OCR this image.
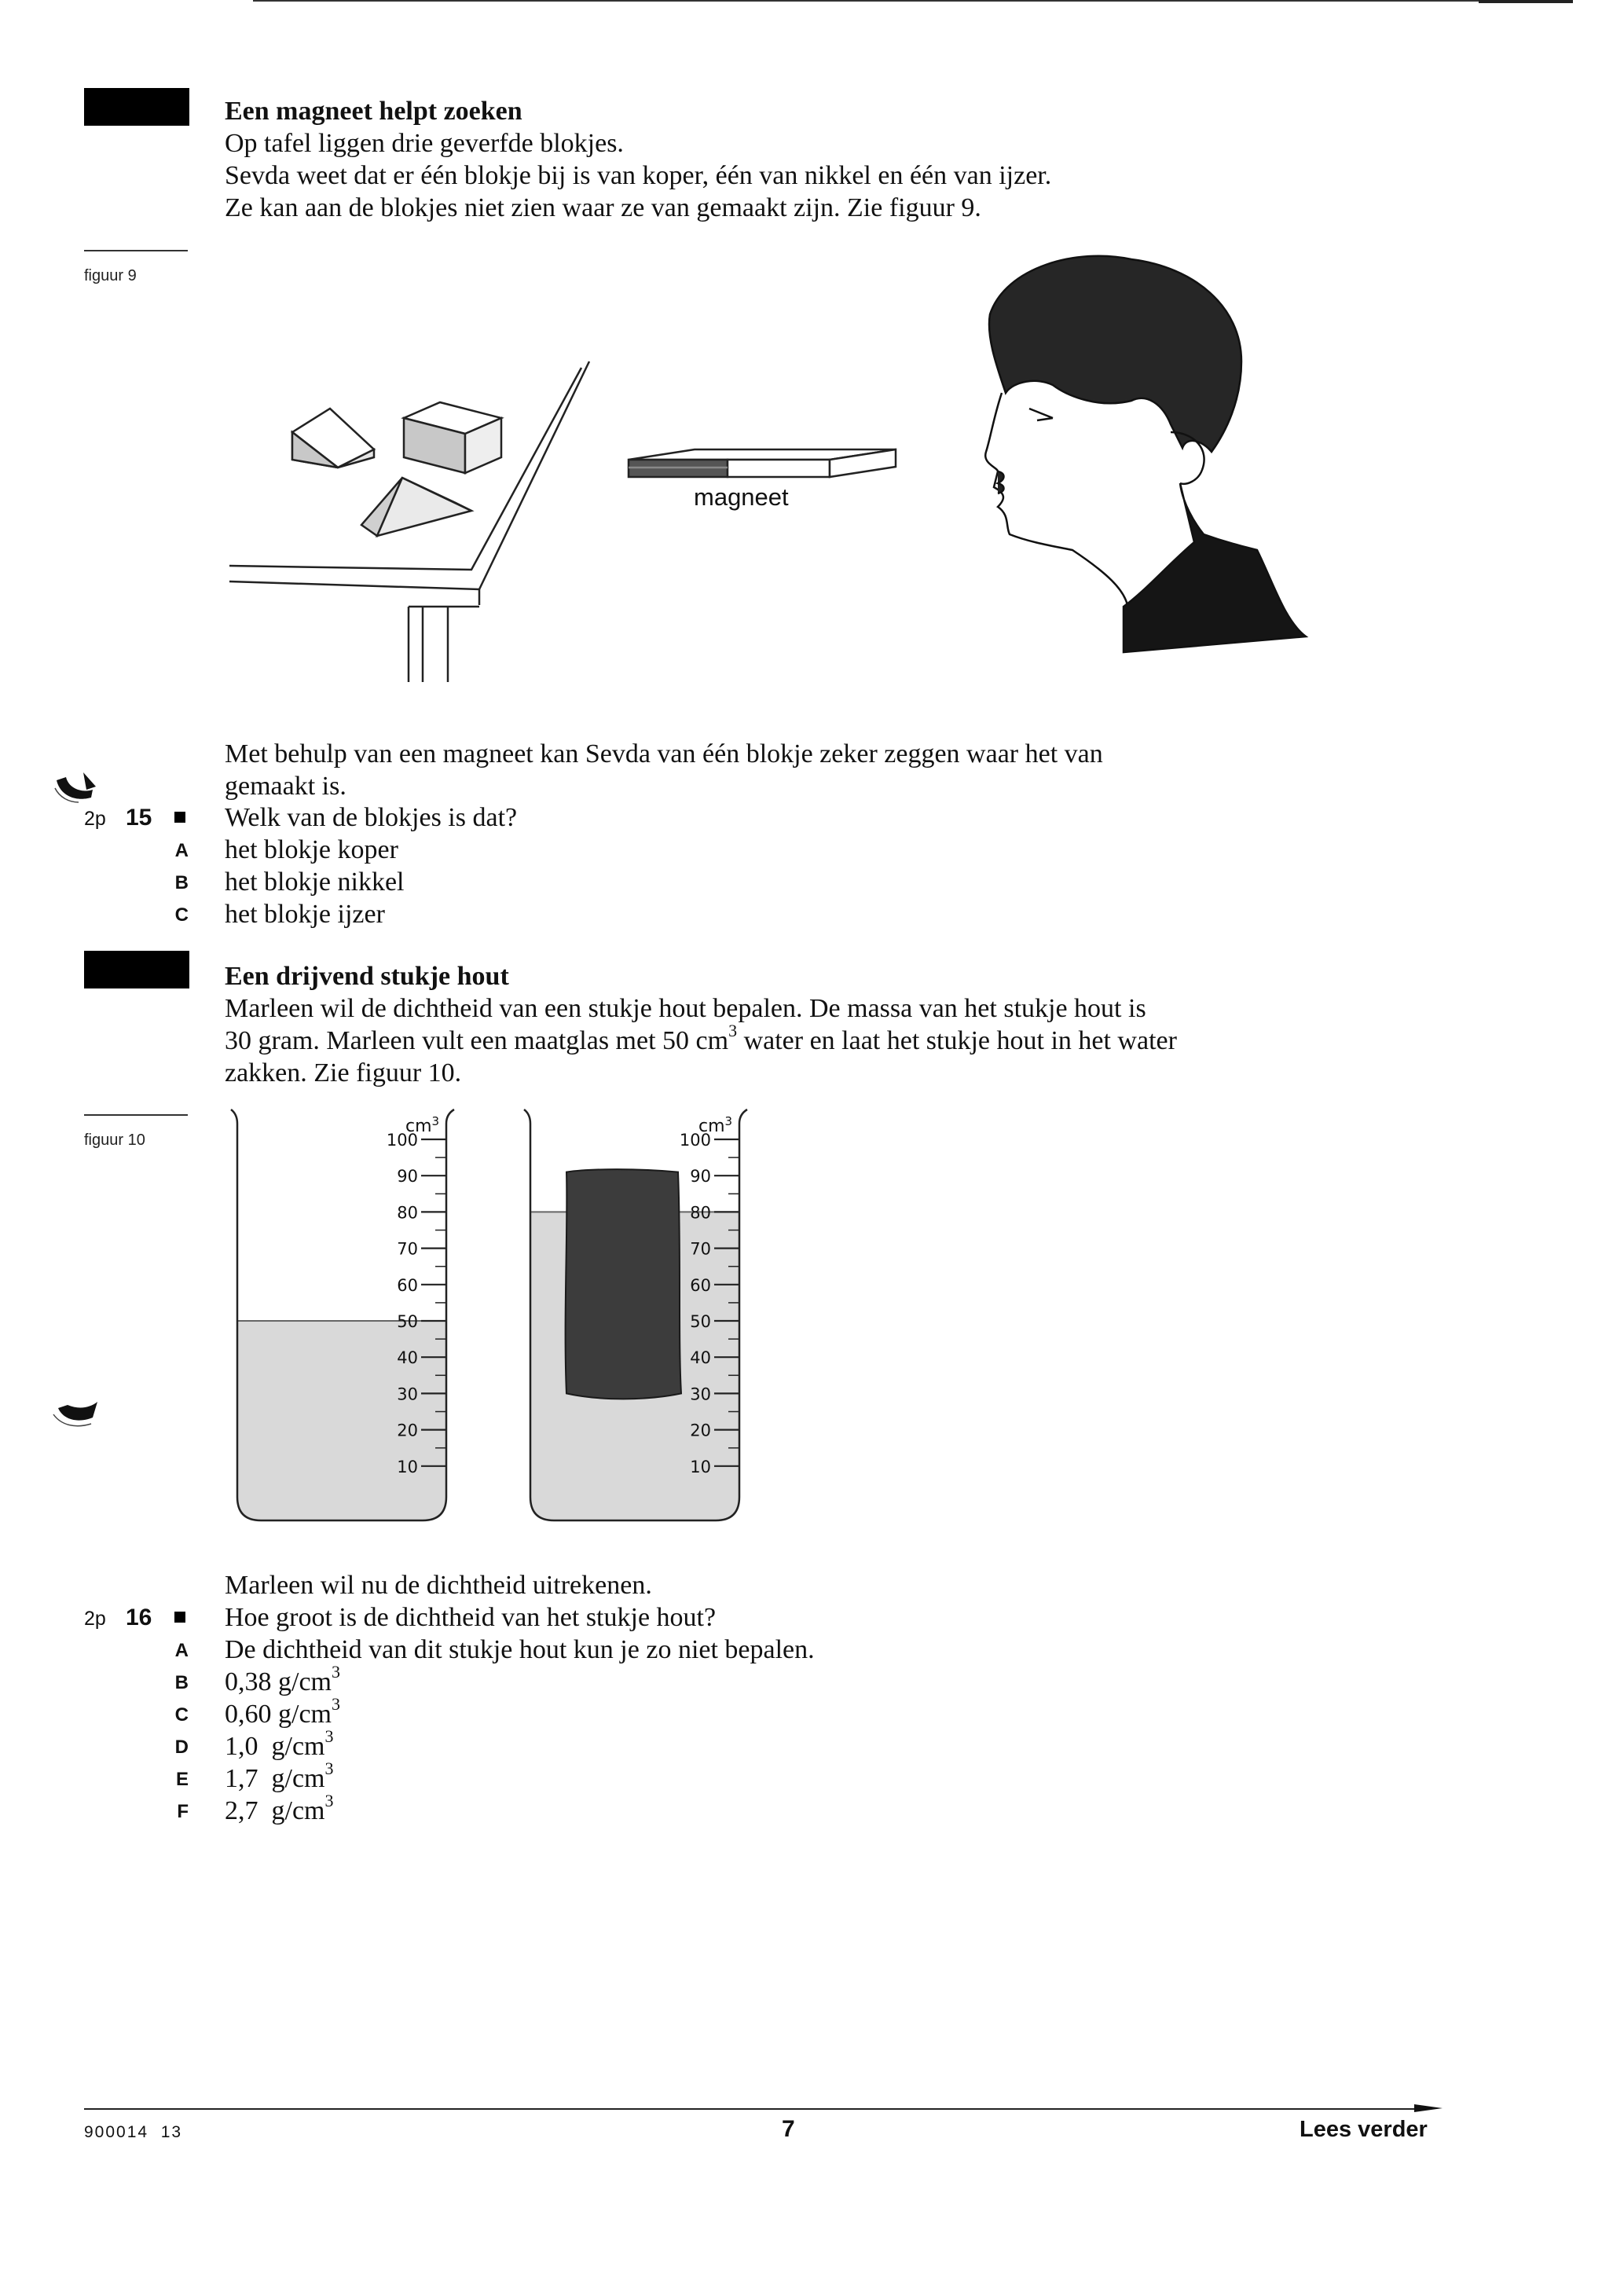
Een magneet helpt zoeken
Op tafel liggen drie geverfde blokjes.
Sevda weet dat er één blokje bij is van koper, één van nikkel en één van ijzer.
Ze kan aan de blokjes niet zien waar ze van gemaakt zijn. Zie figuur 9.
figuur 9
magneet
Met behulp van een magneet kan Sevda van één blokje zeker zeggen waar het van
gemaakt is.
2p 15	Welk van de blokjes is dat?
A het blokje koper
B het blokje nikkel
C het blokje ijzer
Een drijvend stukje hout
Marleen wil de dichtheid van een stukje hout bepalen. De massa van het stukje hout is
30 gram. Marleen vult een maatglas met 50 $cm^3$ water en laat het stukje hout in het water
zakken. Zie figuur 10.
figuur 10
$cm^3$
100
90
80
70
60
50
40
30
20
10
$cm^3$
100
90
80
70
60
50
40
30
20
10
Marleen wil nu de dichtheid uitrekenen.
2p 16	Hoe groot is de dichtheid van het stukje hout?
A De dichtheid van dit stukje hout kun je zo niet bepalen.
B 0,38 $g/cm^3$
C 0,60 $g/cm^3$
D 1,0  $g/cm^3$
E 1,7  $g/cm^3$
F 2,7  $g/cm^3$
900014  13	7	Lees verder
